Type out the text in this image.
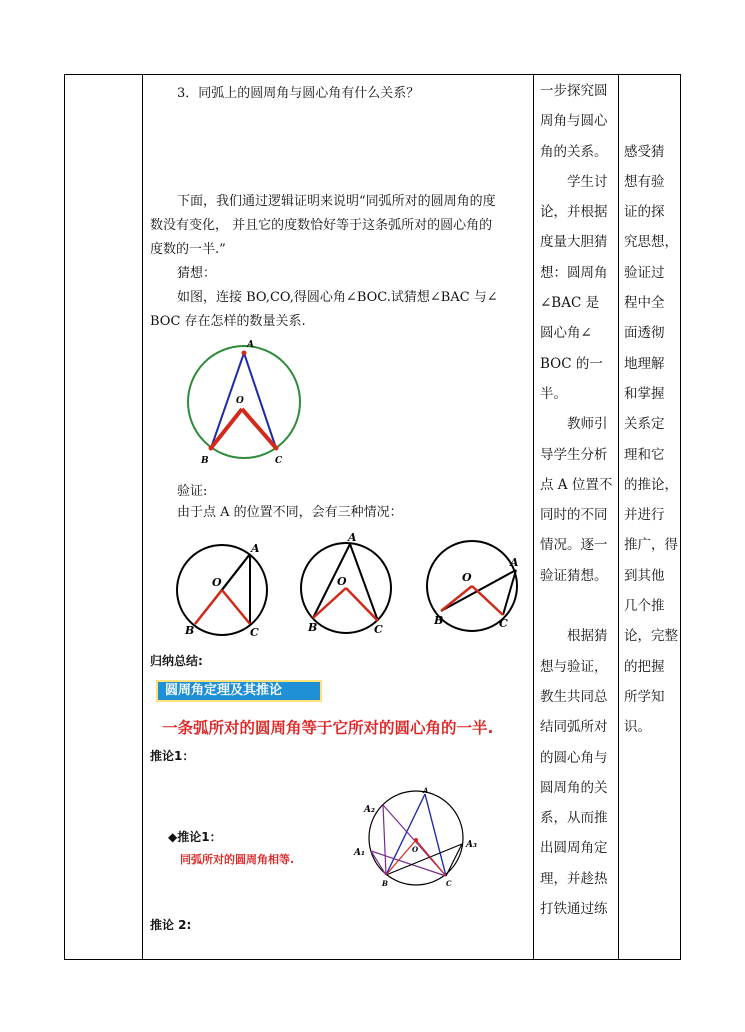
3．同弧上的圆周角与圆心角有什么关系？
下面，我们通过逻辑证明来说明“同弧所对的圆周角的度
数没有变化， 并且它的度数恰好等于这条弧所对的圆心角的
度数的一半.”
猜想：
如图，连接 BO,CO,得圆心角∠BOC.试猜想∠BAC 与∠
BOC 存在怎样的数量关系.
A
O
B	C
验证:
由于点 A 的位置不同，会有三种情况：
A
O
B	C
A
O
B	C
A
O
B	C
归纳总结:
圆周角定理及其推论
一条弧所对的圆周角等于它所对的圆心角的一半.
推论1：
◆推论1：
同弧所对的圆周角相等.
A
A₂
A₁
A₃
O
B	C
推论 2:
一步探究圆
周角与圆心
角的关系。
　　学生讨
论，并根据
度量大胆猜
想：圆周角
∠BAC 是
圆心角∠
BOC 的一
半。
　　教师引
导学生分析
点 A 位置不
同时的不同
情况。逐一
验证猜想。

　　根据猜
想与验证，
教生共同总
结同弧所对
的圆心角与
圆周角的关
系，从而推
出圆周角定
理，并趁热
打铁通过练

感受猜
想有验
证的探
究思想，
验证过
程中全
面透彻
地理解
和掌握
关系定
理和它
的推论，
并进行
推广，得
到其他
几个推
论，完整
的把握
所学知
识。
